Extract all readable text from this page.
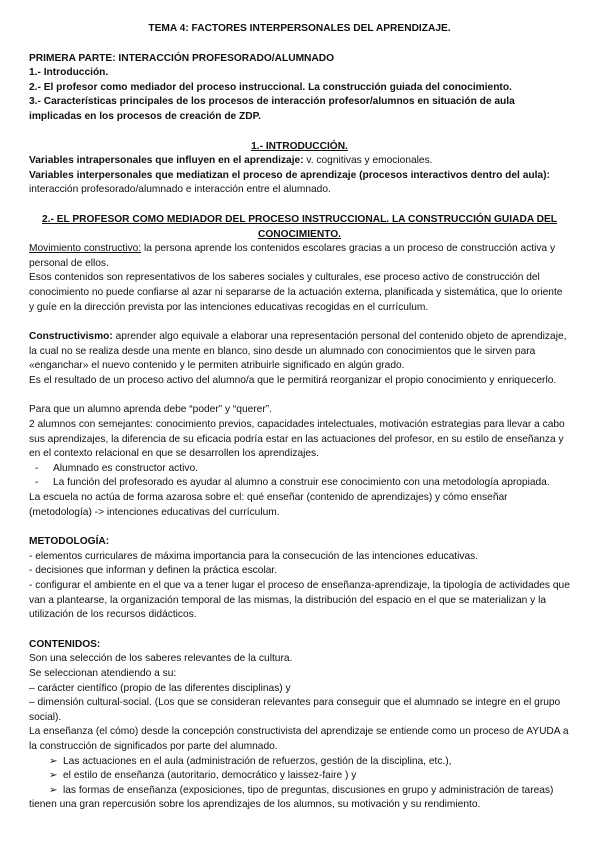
TEMA 4: FACTORES INTERPERSONALES DEL APRENDIZAJE.

PRIMERA PARTE: INTERACCIÓN PROFESORADO/ALUMNADO

1.- Introducción.

2.- El profesor como mediador del proceso instruccional. La construcción guiada del conocimiento.

3.- Características principales de los procesos de interacción profesor/alumnos en situación de aula implicadas en los procesos de creación de ZDP.

1.- INTRODUCCIÓN.

Variables intrapersonales que influyen en el aprendizaje: v. cognitivas y emocionales.

Variables interpersonales que mediatizan el proceso de aprendizaje (procesos interactivos dentro del aula): interacción profesorado/alumnado e interacción entre el alumnado.

2.- EL PROFESOR COMO MEDIADOR DEL PROCESO INSTRUCCIONAL. LA CONSTRUCCIÓN GUIADA DEL CONOCIMIENTO.

Movimiento constructivo: la persona aprende los contenidos escolares gracias a un proceso de construcción activa y personal de ellos.

Esos contenidos son representativos de los saberes sociales y culturales, ese proceso activo de construcción del conocimiento no puede confiarse al azar ni separarse de la actuación externa, planificada y sistemática, que lo oriente y guíe en la dirección prevista por las intenciones educativas recogidas en el currículum.

Constructivismo: aprender algo equivale a elaborar una representación personal del contenido objeto de aprendizaje, la cual no se realiza desde una mente en blanco, sino desde un alumnado con conocimientos que le sirven para «enganchar» el nuevo contenido y le permiten atribuirle significado en algún grado.

Es el resultado de un proceso activo del alumno/a que le permitirá reorganizar el propio conocimiento y enriquecerlo.

Para que un alumno aprenda debe “poder” y “querer”.

2 alumnos con semejantes: conocimiento previos, capacidades intelectuales, motivación estrategias para llevar a cabo sus aprendizajes, la diferencia de su eficacia podría estar en las actuaciones del profesor, en su estilo de enseñanza y en el contexto relacional en que se desarrollen los aprendizajes.

-	Alumnado es constructor activo.
-	La función del profesorado es ayudar al alumno a construir ese conocimiento con una metodología apropiada.

La escuela no actúa de forma azarosa sobre el: qué enseñar (contenido de aprendizajes) y cómo enseñar (metodología) -> intenciones educativas del currículum.

METODOLOGÍA:

- elementos curriculares de máxima importancia para la consecución de las intenciones educativas.

- decisiones que informan y definen la práctica escolar.

- configurar el ambiente en el que va a tener lugar el proceso de enseñanza-aprendizaje, la tipología de actividades que van a plantearse, la organización temporal de las mismas, la distribución del espacio en el que se materializan y la utilización de los recursos didácticos.

CONTENIDOS:

Son una selección de los saberes relevantes de la cultura.

Se seleccionan atendiendo a su:

– carácter científico (propio de las diferentes disciplinas) y

– dimensión cultural-social. (Los que se consideran relevantes para conseguir que el alumnado se integre en el grupo social).

La enseñanza (el cómo) desde la concepción constructivista del aprendizaje se entiende como un proceso de AYUDA a la construcción de significados por parte del alumnado.

➢ Las actuaciones en el aula (administración de refuerzos, gestión de la disciplina, etc.),
➢ el estilo de enseñanza (autoritario, democrático y laissez-faire ) y
➢ las formas de enseñanza (exposiciones, tipo de preguntas, discusiones en grupo y administración de tareas)

tienen una gran repercusión sobre los aprendizajes de los alumnos, su motivación y su rendimiento.
